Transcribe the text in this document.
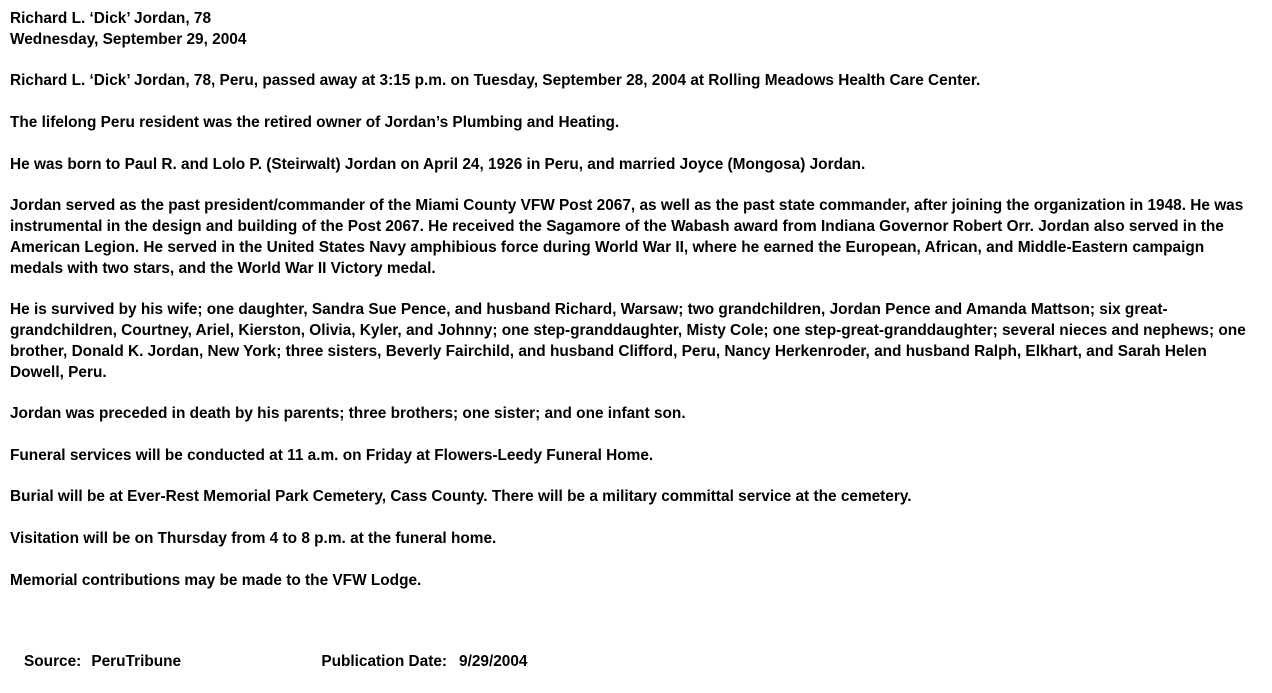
Richard L. ‘Dick’ Jordan, 78
Wednesday, September 29, 2004

Richard L. ‘Dick’ Jordan, 78, Peru, passed away at 3:15 p.m. on Tuesday, September 28, 2004 at Rolling Meadows Health Care Center.

The lifelong Peru resident was the retired owner of Jordan’s Plumbing and Heating.

He was born to Paul R. and Lolo P. (Steirwalt) Jordan on April 24, 1926 in Peru, and married Joyce (Mongosa) Jordan.

Jordan served as the past president/commander of the Miami County VFW Post 2067, as well as the past state commander, after joining the organization in 1948. He was instrumental in the design and building of the Post 2067. He received the Sagamore of the Wabash award from Indiana Governor Robert Orr. Jordan also served in the American Legion. He served in the United States Navy amphibious force during World War II, where he earned the European, African, and Middle-Eastern campaign medals with two stars, and the World War II Victory medal.

He is survived by his wife; one daughter, Sandra Sue Pence, and husband Richard, Warsaw; two grandchildren, Jordan Pence and Amanda Mattson; six great-grandchildren, Courtney, Ariel, Kierston, Olivia, Kyler, and Johnny; one step-granddaughter, Misty Cole; one step-great-granddaughter; several nieces and nephews; one brother, Donald K. Jordan, New York; three sisters, Beverly Fairchild, and husband Clifford, Peru, Nancy Herkenroder, and husband Ralph, Elkhart, and Sarah Helen Dowell, Peru.

Jordan was preceded in death by his parents; three brothers; one sister; and one infant son.

Funeral services will be conducted at 11 a.m. on Friday at Flowers-Leedy Funeral Home.

Burial will be at Ever-Rest Memorial Park Cemetery, Cass County. There will be a military committal service at the cemetery.

Visitation will be on Thursday from 4 to 8 p.m. at the funeral home.

Memorial contributions may be made to the VFW Lodge.

Source: PeruTribune	Publication Date: 9/29/2004
